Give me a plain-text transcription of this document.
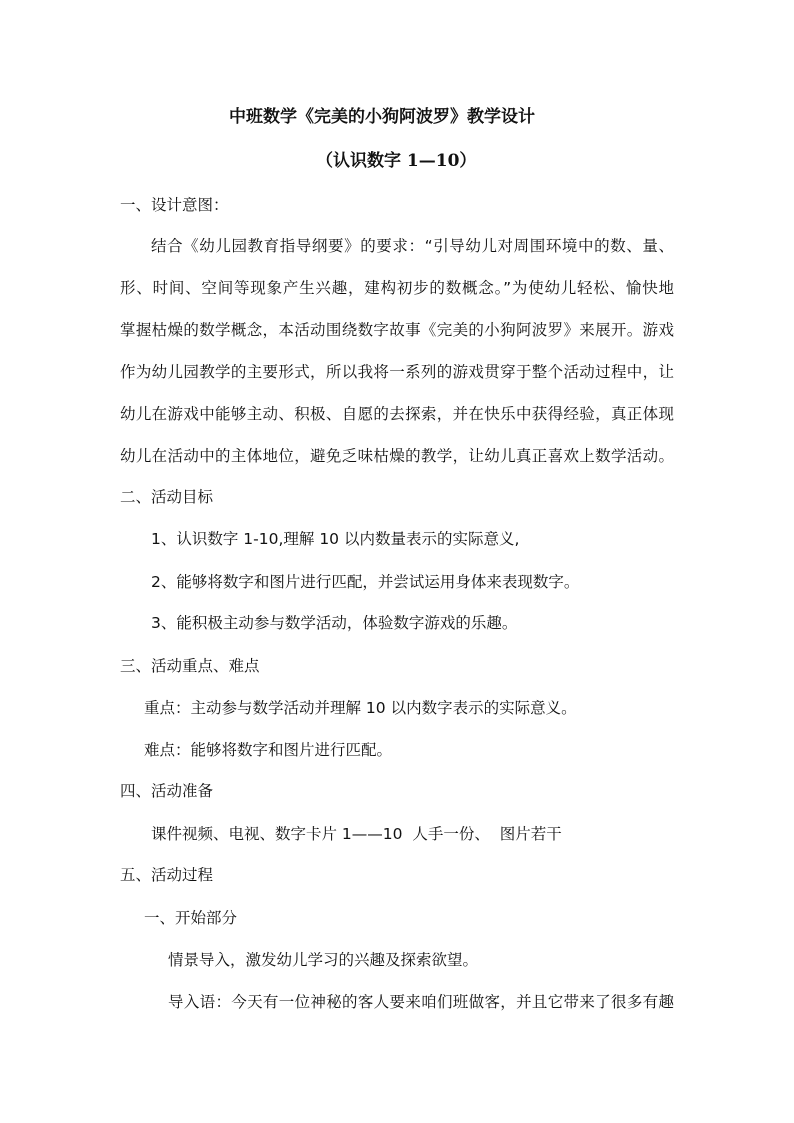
中班数学《完美的小狗阿波罗》教学设计
（认识数字 1—10）
一、设计意图：
结合《幼儿园教育指导纲要》的要求：“引导幼儿对周围环境中的数、量、
形、时间、空间等现象产生兴趣，建构初步的数概念。”为使幼儿轻松、愉快地
掌握枯燥的数学概念，本活动围绕数字故事《完美的小狗阿波罗》来展开。游戏
作为幼儿园教学的主要形式，所以我将一系列的游戏贯穿于整个活动过程中，让
幼儿在游戏中能够主动、积极、自愿的去探索，并在快乐中获得经验，真正体现
幼儿在活动中的主体地位，避免乏味枯燥的教学，让幼儿真正喜欢上数学活动。
二、活动目标
1、认识数字 1-10,理解 10 以内数量表示的实际意义,
2、能够将数字和图片进行匹配，并尝试运用身体来表现数字。
3、能积极主动参与数学活动，体验数字游戏的乐趣。
三、活动重点、难点
重点：主动参与数学活动并理解 10 以内数字表示的实际意义。
难点：能够将数字和图片进行匹配。
四、活动准备
课件视频、电视、数字卡片 1——10  人手一份、  图片若干
五、活动过程
一、开始部分
情景导入，激发幼儿学习的兴趣及探索欲望。
导入语：今天有一位神秘的客人要来咱们班做客，并且它带来了很多有趣
